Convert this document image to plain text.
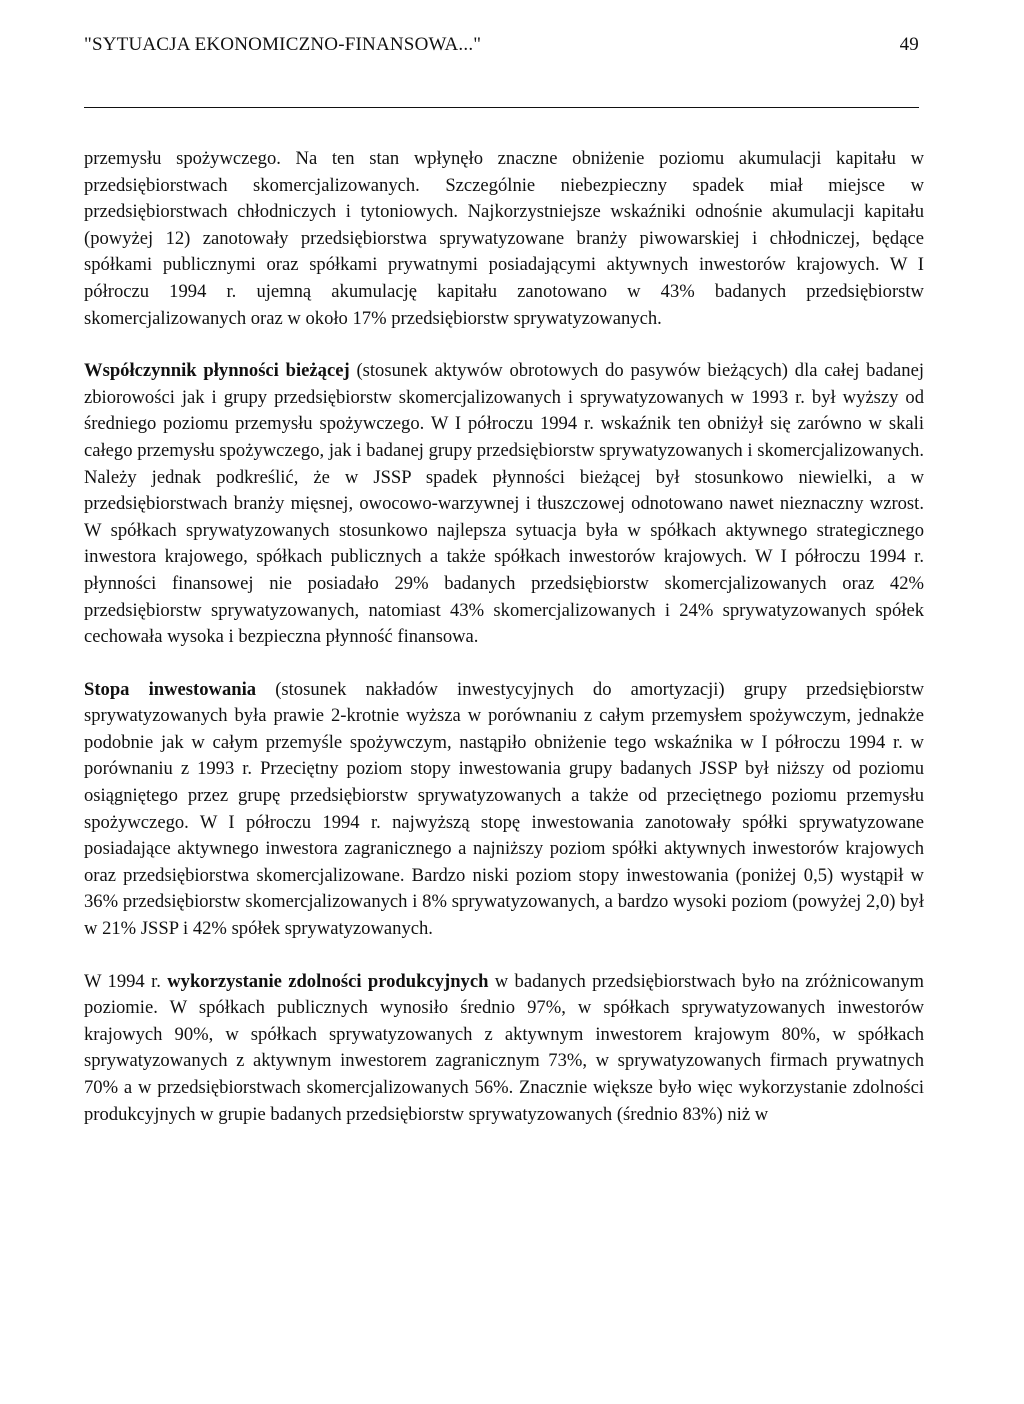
"SYTUACJA EKONOMICZNO-FINANSOWA..."	49

przemysłu spożywczego. Na ten stan wpłynęło znaczne obniżenie poziomu akumulacji kapitału w przedsiębiorstwach skomercjalizowanych. Szczególnie niebezpieczny spadek miał miejsce w przedsiębiorstwach chłodniczych i tytoniowych. Najkorzystniejsze wskaźniki odnośnie akumulacji kapitału (powyżej 12) zanotowały przedsiębiorstwa sprywatyzowane branży piwowarskiej i chłodniczej, będące spółkami publicznymi oraz spółkami prywatnymi posiadającymi aktywnych inwestorów krajowych. W I półroczu 1994 r. ujemną akumulację kapitału zanotowano w 43% badanych przedsiębiorstw skomercjalizowanych oraz w około 17% przedsiębiorstw sprywatyzowanych.

Współczynnik płynności bieżącej (stosunek aktywów obrotowych do pasywów bieżących) dla całej badanej zbiorowości jak i grupy przedsiębiorstw skomercjalizowanych i sprywatyzowanych w 1993 r. był wyższy od średniego poziomu przemysłu spożywczego. W I półroczu 1994 r. wskaźnik ten obniżył się zarówno w skali całego przemysłu spożywczego, jak i badanej grupy przedsiębiorstw sprywatyzowanych i skomercjalizowanych. Należy jednak podkreślić, że w JSSP spadek płynności bieżącej był stosunkowo niewielki, a w przedsiębiorstwach branży mięsnej, owocowo-warzywnej i tłuszczowej odnotowano nawet nieznaczny wzrost. W spółkach sprywatyzowanych stosunkowo najlepsza sytuacja była w spółkach aktywnego strategicznego inwestora krajowego, spółkach publicznych a także spółkach inwestorów krajowych. W I półroczu 1994 r. płynności finansowej nie posiadało 29% badanych przedsiębiorstw skomercjalizowanych oraz 42% przedsiębiorstw sprywatyzowanych, natomiast 43% skomercjalizowanych i 24% sprywatyzowanych spółek cechowała wysoka i bezpieczna płynność finansowa.

Stopa inwestowania (stosunek nakładów inwestycyjnych do amortyzacji) grupy przedsiębiorstw sprywatyzowanych była prawie 2-krotnie wyższa w porównaniu z całym przemysłem spożywczym, jednakże podobnie jak w całym przemyśle spożywczym, nastąpiło obniżenie tego wskaźnika w I półroczu 1994 r. w porównaniu z 1993 r. Przeciętny poziom stopy inwestowania grupy badanych JSSP był niższy od poziomu osiągniętego przez grupę przedsiębiorstw sprywatyzowanych a także od przeciętnego poziomu przemysłu spożywczego. W I półroczu 1994 r. najwyższą stopę inwestowania zanotowały spółki sprywatyzowane posiadające aktywnego inwestora zagranicznego a najniższy poziom spółki aktywnych inwestorów krajowych oraz przedsiębiorstwa skomercjalizowane. Bardzo niski poziom stopy inwestowania (poniżej 0,5) wystąpił w 36% przedsiębiorstw skomercjalizowanych i 8% sprywatyzowanych, a bardzo wysoki poziom (powyżej 2,0) był w 21% JSSP i 42% spółek sprywatyzowanych.

W 1994 r. wykorzystanie zdolności produkcyjnych w badanych przedsiębiorstwach było na zróżnicowanym poziomie. W spółkach publicznych wynosiło średnio 97%, w spółkach sprywatyzowanych inwestorów krajowych 90%, w spółkach sprywatyzowanych z aktywnym inwestorem krajowym 80%, w spółkach sprywatyzowanych z aktywnym inwestorem zagranicznym 73%, w sprywatyzowanych firmach prywatnych 70% a w przedsiębiorstwach skomercjalizowanych 56%. Znacznie większe było więc wykorzystanie zdolności produkcyjnych w grupie badanych przedsiębiorstw sprywatyzowanych (średnio 83%) niż w
